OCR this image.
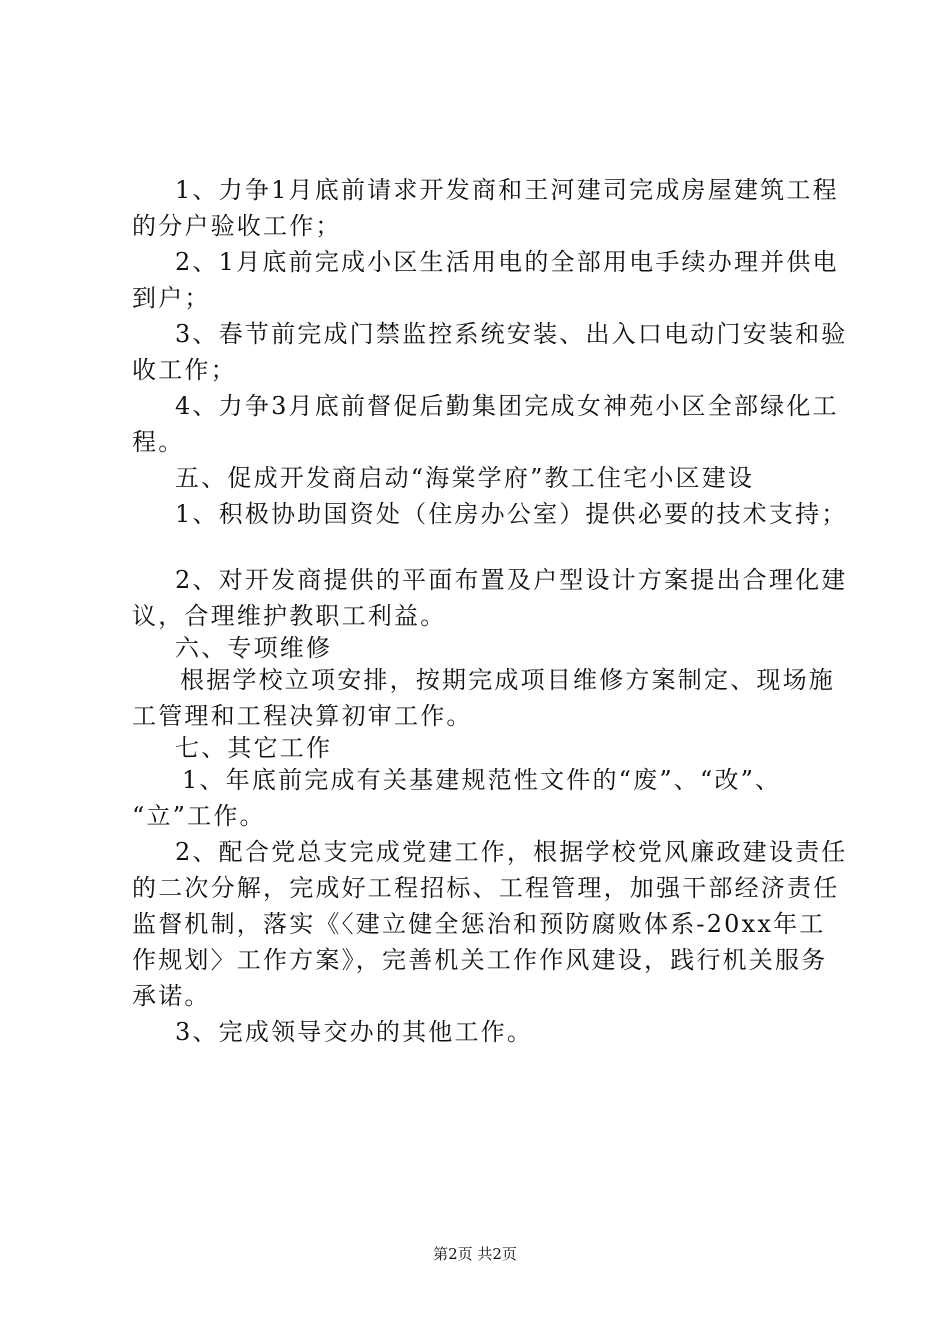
1、力争1月底前请求开发商和王河建司完成房屋建筑工程
的分户验收工作；
2、1月底前完成小区生活用电的全部用电手续办理并供电
到户；
3、春节前完成门禁监控系统安装、出入口电动门安装和验
收工作；
4、力争3月底前督促后勤集团完成女神苑小区全部绿化工
程。
五、促成开发商启动“海棠学府”教工住宅小区建设
1、积极协助国资处（住房办公室）提供必要的技术支持；
2、对开发商提供的平面布置及户型设计方案提出合理化建
议，合理维护教职工利益。
六、专项维修
根据学校立项安排，按期完成项目维修方案制定、现场施
工管理和工程决算初审工作。
七、其它工作
1、年底前完成有关基建规范性文件的“废”、“改”、
“立”工作。
2、配合党总支完成党建工作，根据学校党风廉政建设责任
的二次分解，完成好工程招标、工程管理，加强干部经济责任
监督机制，落实《〈建立健全惩治和预防腐败体系-20xx年工
作规划〉工作方案》，完善机关工作作风建设，践行机关服务
承诺。
3、完成领导交办的其他工作。
第2页 共2页
